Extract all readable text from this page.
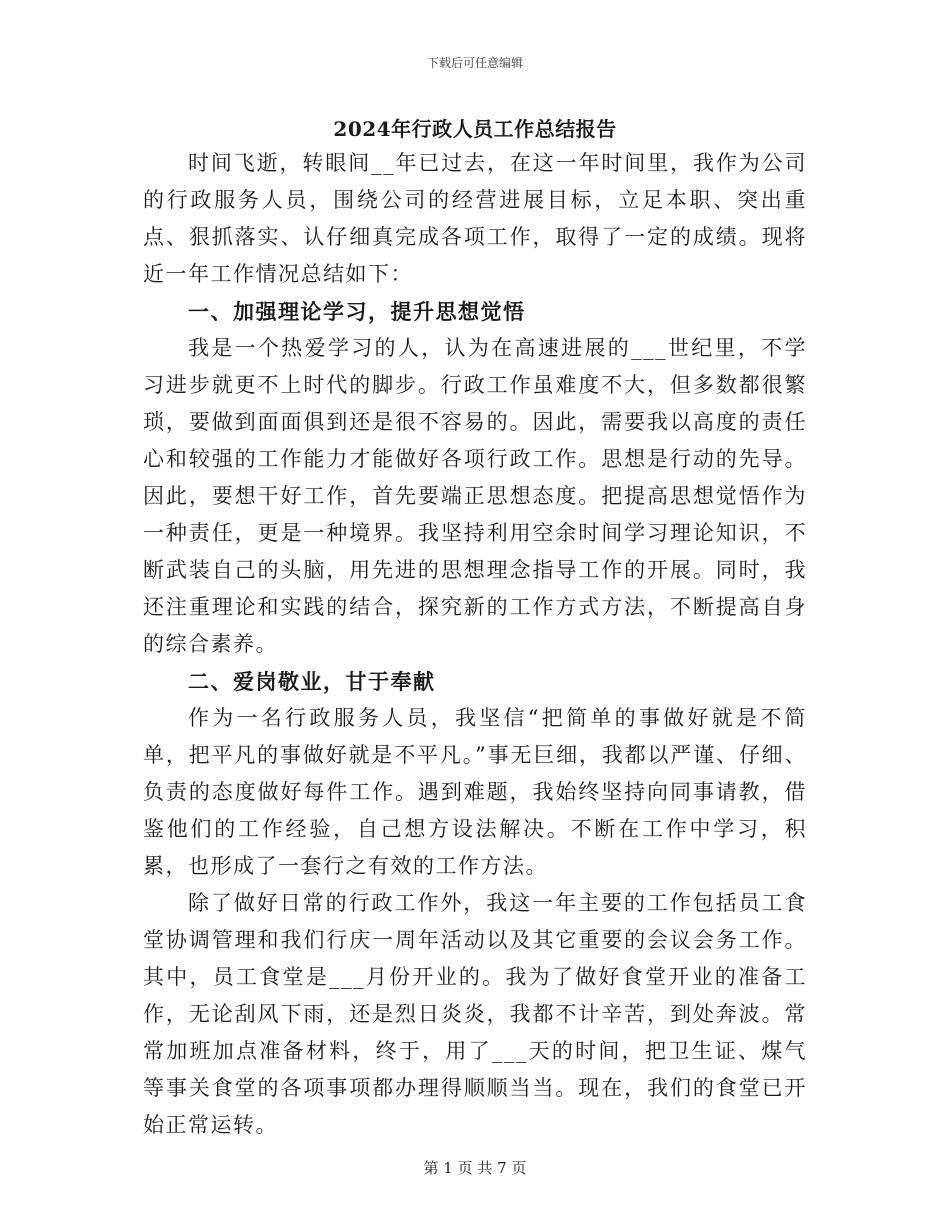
下载后可任意编辑
2024年行政人员工作总结报告

时间飞逝，转眼间__年已过去，在这一年时间里，我作为公司的行政服务人员，围绕公司的经营进展目标，立足本职、突出重点、狠抓落实、认仔细真完成各项工作，取得了一定的成绩。现将近一年工作情况总结如下：

一、加强理论学习，提升思想觉悟

我是一个热爱学习的人，认为在高速进展的___世纪里，不学习进步就更不上时代的脚步。行政工作虽难度不大，但多数都很繁琐，要做到面面俱到还是很不容易的。因此，需要我以高度的责任心和较强的工作能力才能做好各项行政工作。思想是行动的先导。因此，要想干好工作，首先要端正思想态度。把提高思想觉悟作为一种责任，更是一种境界。我坚持利用空余时间学习理论知识，不断武装自己的头脑，用先进的思想理念指导工作的开展。同时，我还注重理论和实践的结合，探究新的工作方式方法，不断提高自身的综合素养。

二、爱岗敬业，甘于奉献

作为一名行政服务人员，我坚信“把简单的事做好就是不简单，把平凡的事做好就是不平凡。”事无巨细，我都以严谨、仔细、负责的态度做好每件工作。遇到难题，我始终坚持向同事请教，借鉴他们的工作经验，自己想方设法解决。不断在工作中学习，积累，也形成了一套行之有效的工作方法。

除了做好日常的行政工作外，我这一年主要的工作包括员工食堂协调管理和我们行庆一周年活动以及其它重要的会议会务工作。其中，员工食堂是___月份开业的。我为了做好食堂开业的准备工作，无论刮风下雨，还是烈日炎炎，我都不计辛苦，到处奔波。常常加班加点准备材料，终于，用了___天的时间，把卫生证、煤气等事关食堂的各项事项都办理得顺顺当当。现在，我们的食堂已开始正常运转。

第 1 页 共 7 页
